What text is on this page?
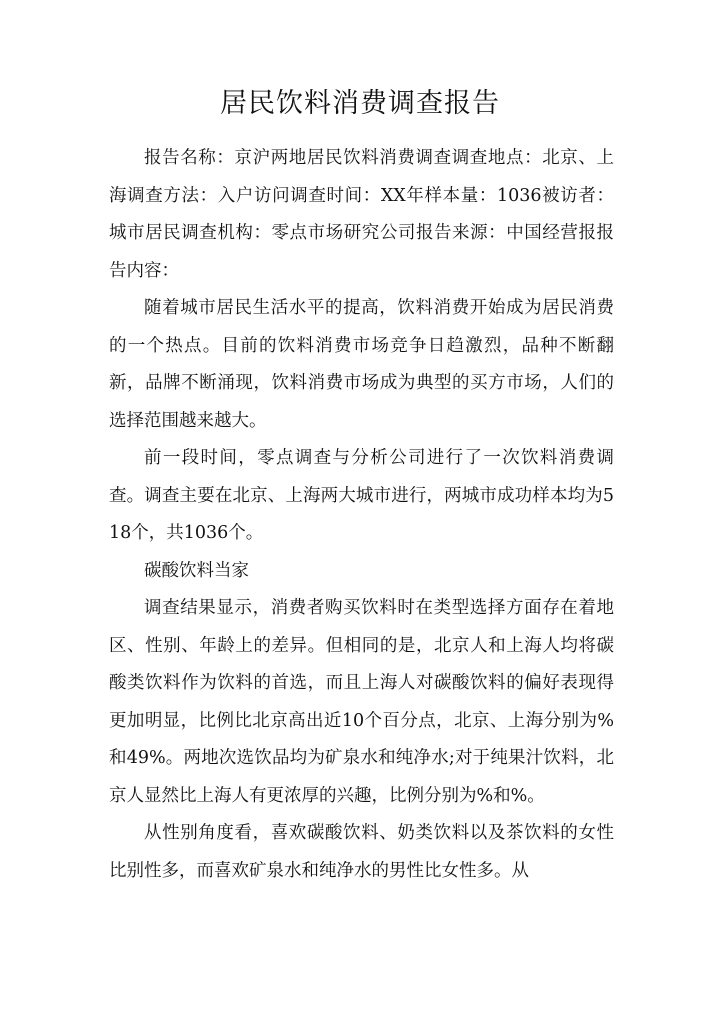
居民饮料消费调查报告

报告名称：京沪两地居民饮料消费调查调查地点：北京、上海调查方法：入户访问调查时间：XX年样本量：1036被访者：城市居民调查机构：零点市场研究公司报告来源：中国经营报报告内容：

随着城市居民生活水平的提高，饮料消费开始成为居民消费的一个热点。目前的饮料消费市场竞争日趋激烈，品种不断翻新，品牌不断涌现，饮料消费市场成为典型的买方市场，人们的选择范围越来越大。

前一段时间，零点调查与分析公司进行了一次饮料消费调查。调查主要在北京、上海两大城市进行，两城市成功样本均为518个，共1036个。

碳酸饮料当家

调查结果显示，消费者购买饮料时在类型选择方面存在着地区、性别、年龄上的差异。但相同的是，北京人和上海人均将碳酸类饮料作为饮料的首选，而且上海人对碳酸饮料的偏好表现得更加明显，比例比北京高出近10个百分点，北京、上海分别为%和49%。两地次选饮品均为矿泉水和纯净水;对于纯果汁饮料，北京人显然比上海人有更浓厚的兴趣，比例分别为%和%。

从性别角度看，喜欢碳酸饮料、奶类饮料以及茶饮料的女性比别性多，而喜欢矿泉水和纯净水的男性比女性多。从
